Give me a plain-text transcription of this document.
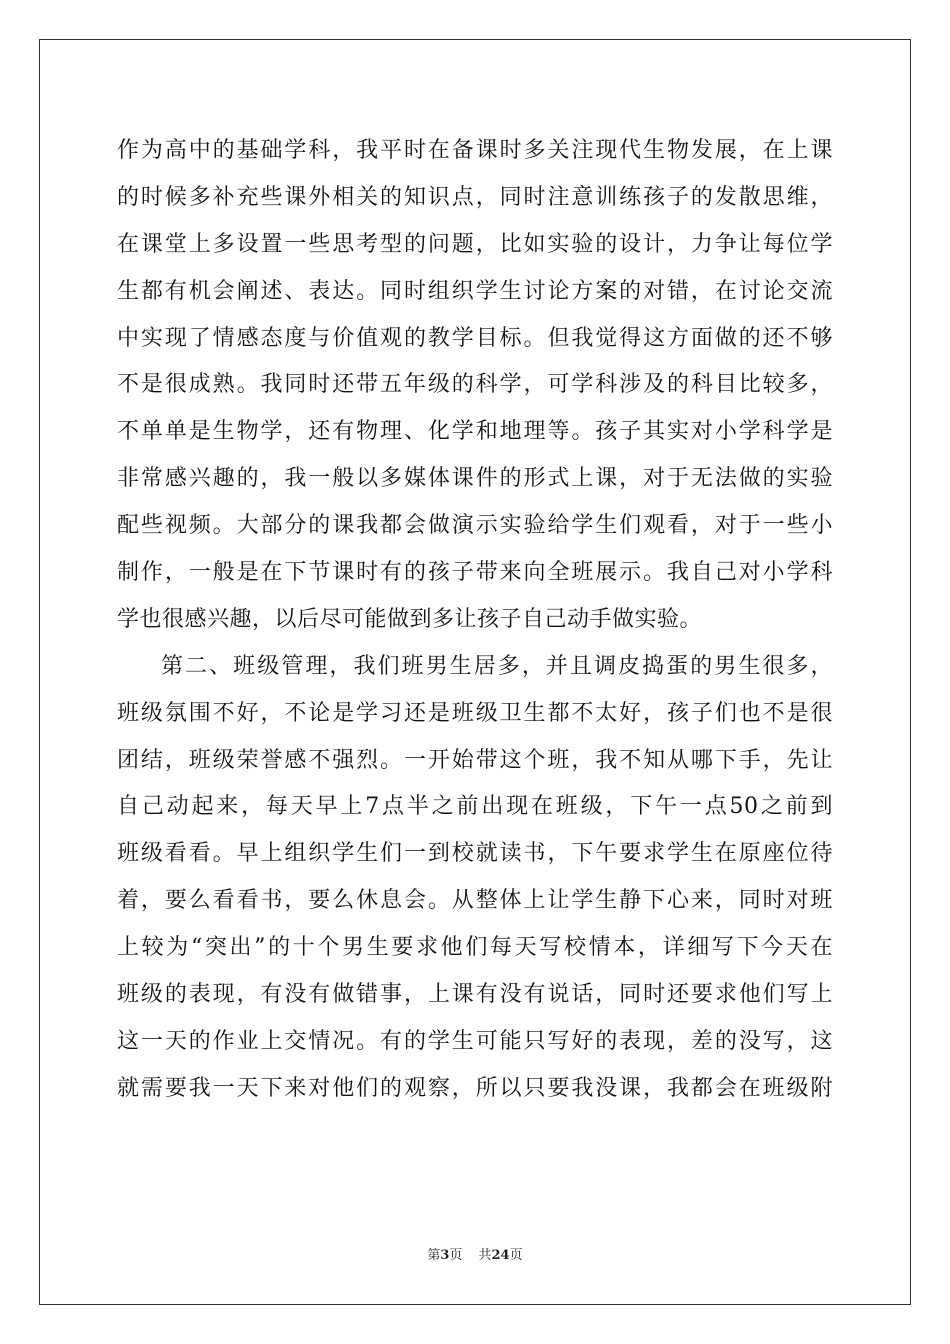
作为高中的基础学科，我平时在备课时多关注现代生物发展，在上课
的时候多补充些课外相关的知识点，同时注意训练孩子的发散思维，
在课堂上多设置一些思考型的问题，比如实验的设计，力争让每位学
生都有机会阐述、表达。同时组织学生讨论方案的对错，在讨论交流
中实现了情感态度与价值观的教学目标。但我觉得这方面做的还不够
不是很成熟。我同时还带五年级的科学，可学科涉及的科目比较多，
不单单是生物学，还有物理、化学和地理等。孩子其实对小学科学是
非常感兴趣的，我一般以多媒体课件的形式上课，对于无法做的实验
配些视频。大部分的课我都会做演示实验给学生们观看，对于一些小
制作，一般是在下节课时有的孩子带来向全班展示。我自己对小学科
学也很感兴趣，以后尽可能做到多让孩子自己动手做实验。
第二、班级管理，我们班男生居多，并且调皮捣蛋的男生很多，
班级氛围不好，不论是学习还是班级卫生都不太好，孩子们也不是很
团结，班级荣誉感不强烈。一开始带这个班，我不知从哪下手，先让
自己动起来，每天早上7点半之前出现在班级，下午一点50之前到
班级看看。早上组织学生们一到校就读书，下午要求学生在原座位待
着，要么看看书，要么休息会。从整体上让学生静下心来，同时对班
上较为“突出”的十个男生要求他们每天写校情本，详细写下今天在
班级的表现，有没有做错事，上课有没有说话，同时还要求他们写上
这一天的作业上交情况。有的学生可能只写好的表现，差的没写，这
就需要我一天下来对他们的观察，所以只要我没课，我都会在班级附
第3页 共24页
